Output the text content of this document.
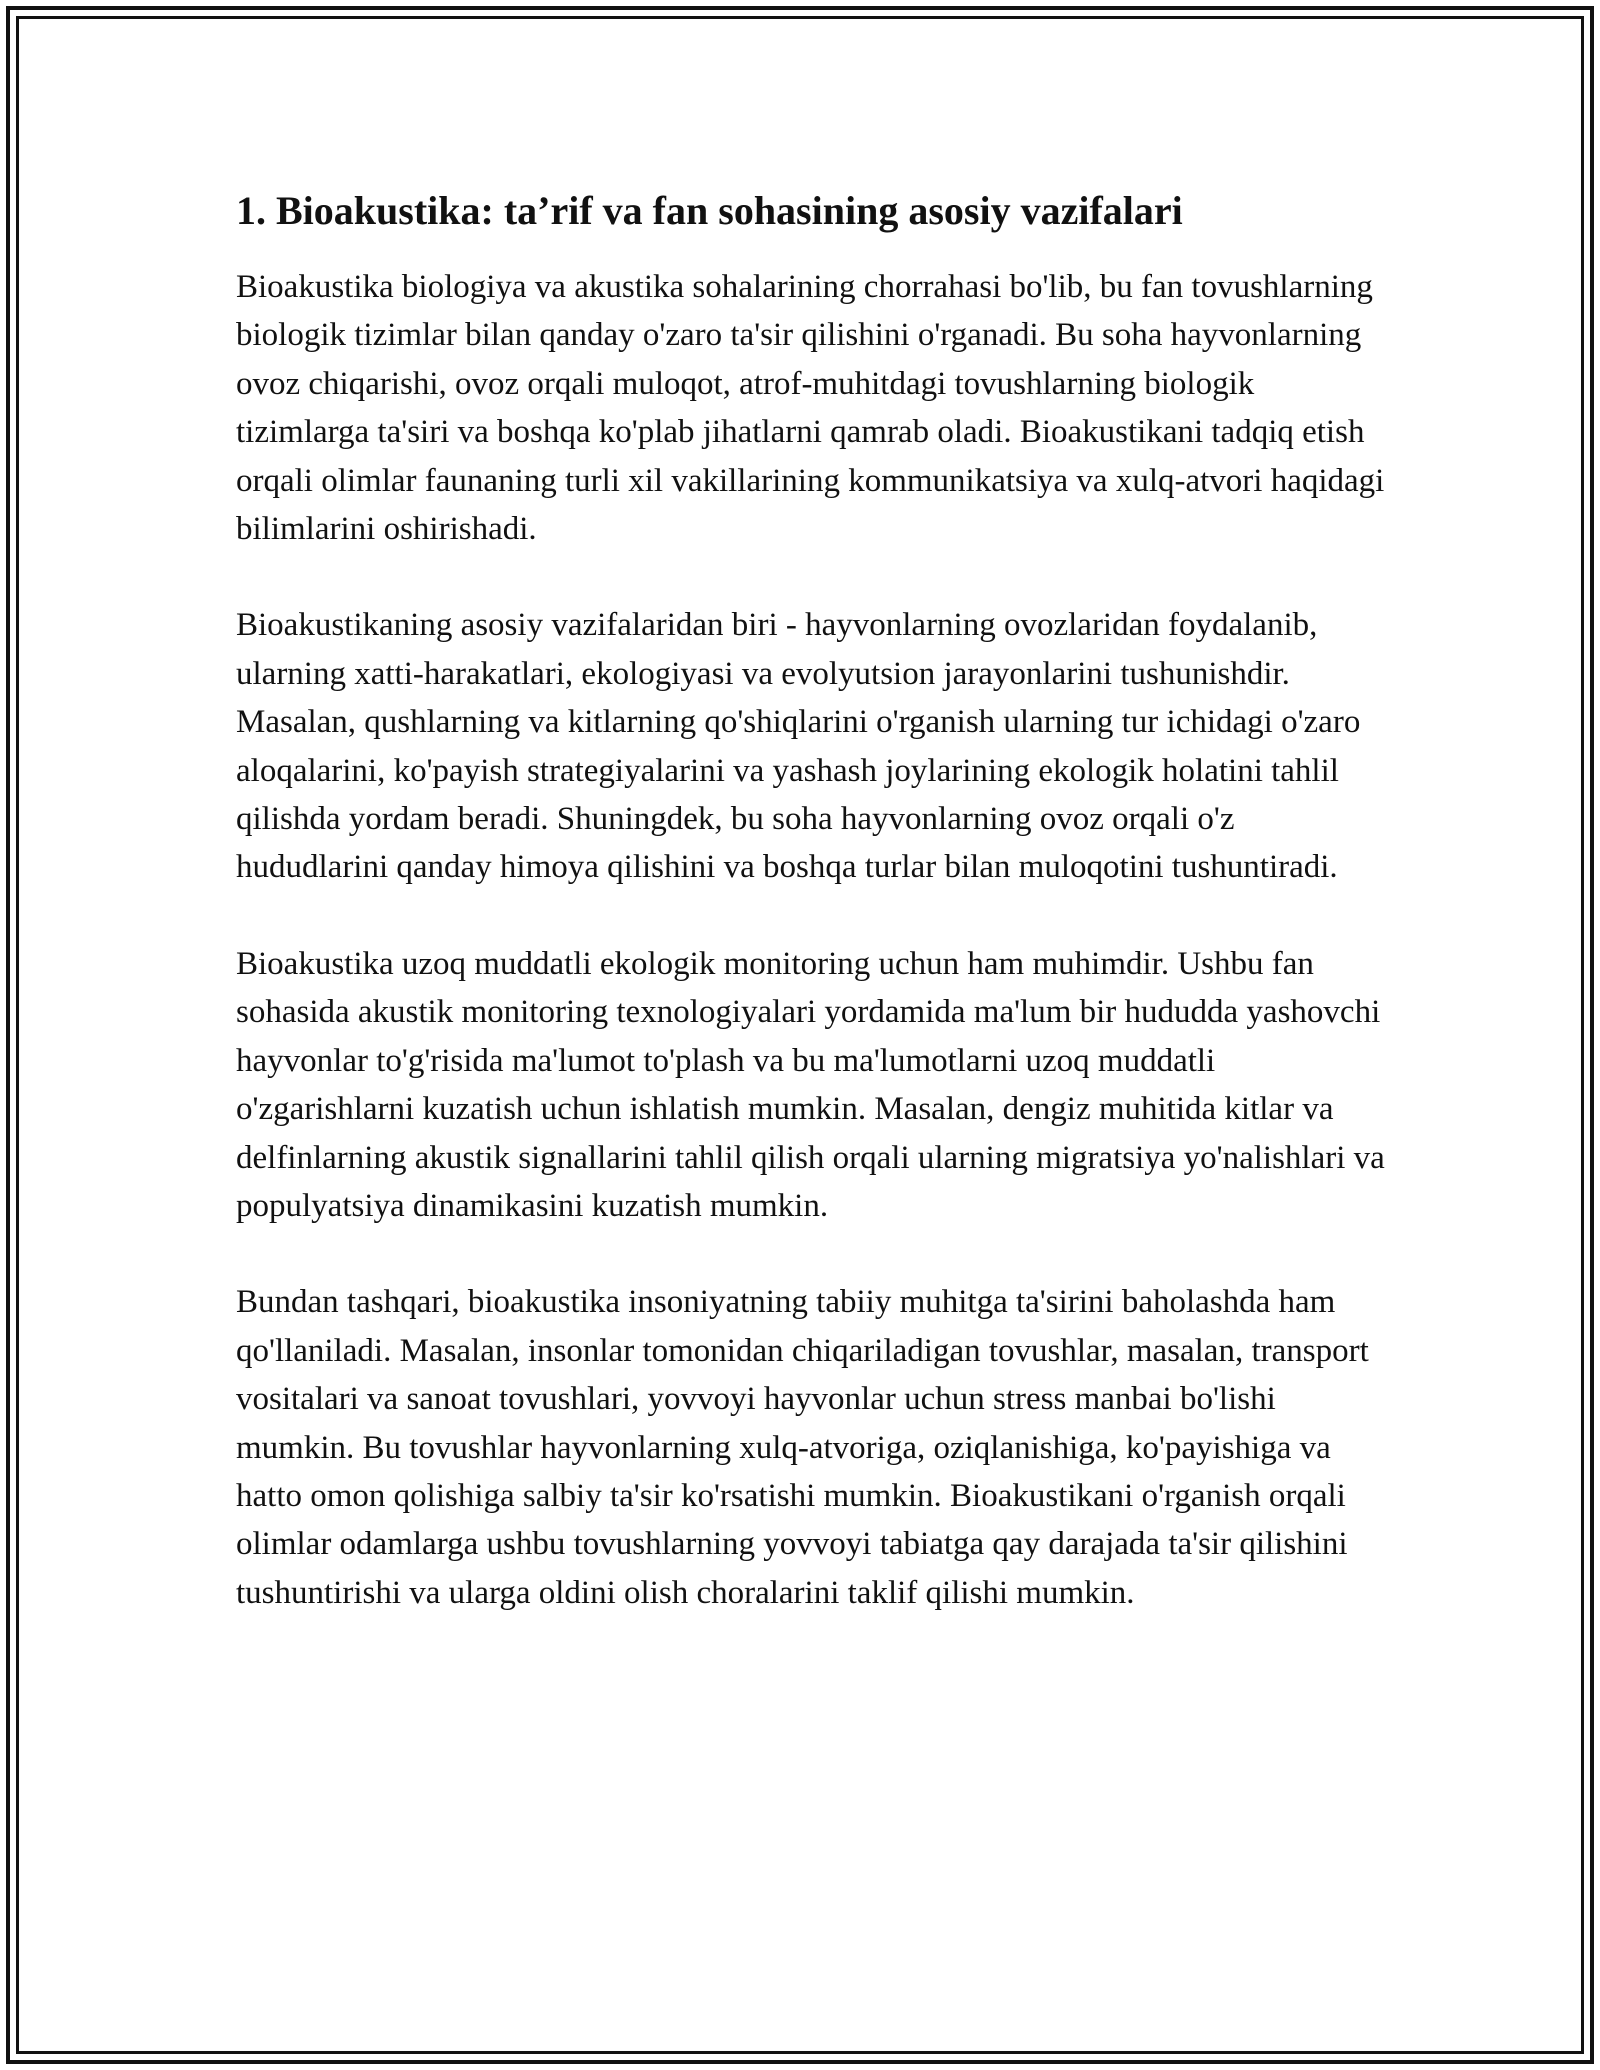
1. Bioakustika: ta’rif va fan sohasining asosiy vazifalari

Bioakustika biologiya va akustika sohalarining chorrahasi bo'lib, bu fan tovushlarning biologik tizimlar bilan qanday o'zaro ta'sir qilishini o'rganadi. Bu soha hayvonlarning ovoz chiqarishi, ovoz orqali muloqot, atrof-muhitdagi tovushlarning biologik tizimlarga ta'siri va boshqa ko'plab jihatlarni qamrab oladi. Bioakustikani tadqiq etish orqali olimlar faunaning turli xil vakillarining kommunikatsiya va xulq-atvori haqidagi bilimlarini oshirishadi.

Bioakustikaning asosiy vazifalaridan biri - hayvonlarning ovozlaridan foydalanib, ularning xatti-harakatlari, ekologiyasi va evolyutsion jarayonlarini tushunishdir. Masalan, qushlarning va kitlarning qo'shiqlarini o'rganish ularning tur ichidagi o'zaro aloqalarini, ko'payish strategiyalarini va yashash joylarining ekologik holatini tahlil qilishda yordam beradi. Shuningdek, bu soha hayvonlarning ovoz orqali o'z hududlarini qanday himoya qilishini va boshqa turlar bilan muloqotini tushuntiradi.

Bioakustika uzoq muddatli ekologik monitoring uchun ham muhimdir. Ushbu fan sohasida akustik monitoring texnologiyalari yordamida ma'lum bir hududda yashovchi hayvonlar to'g'risida ma'lumot to'plash va bu ma'lumotlarni uzoq muddatli o'zgarishlarni kuzatish uchun ishlatish mumkin. Masalan, dengiz muhitida kitlar va delfinlarning akustik signallarini tahlil qilish orqali ularning migratsiya yo'nalishlari va populyatsiya dinamikasini kuzatish mumkin.

Bundan tashqari, bioakustika insoniyatning tabiiy muhitga ta'sirini baholashda ham qo'llaniladi. Masalan, insonlar tomonidan chiqariladigan tovushlar, masalan, transport vositalari va sanoat tovushlari, yovvoyi hayvonlar uchun stress manbai bo'lishi mumkin. Bu tovushlar hayvonlarning xulq-atvoriga, oziqlanishiga, ko'payishiga va hatto omon qolishiga salbiy ta'sir ko'rsatishi mumkin. Bioakustikani o'rganish orqali olimlar odamlarga ushbu tovushlarning yovvoyi tabiatga qay darajada ta'sir qilishini tushuntirishi va ularga oldini olish choralarini taklif qilishi mumkin.
